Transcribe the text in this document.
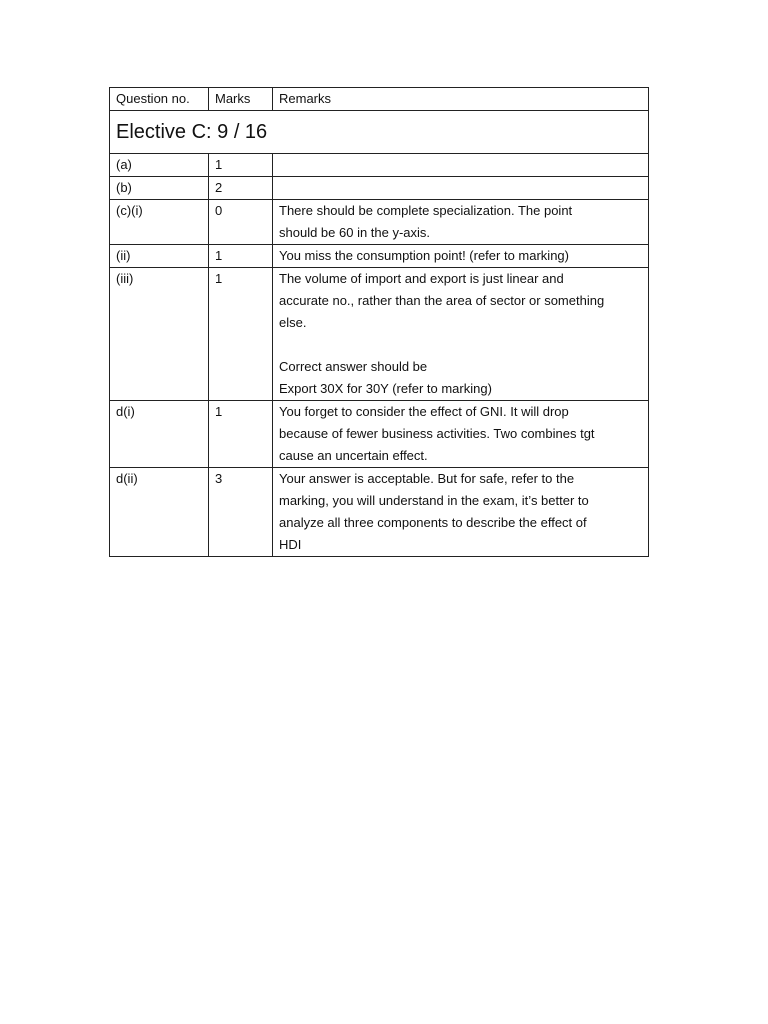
Question no.	Marks	Remarks
Elective C: 9 / 16		
(a)	1	

(b)	2	

(c)(i)	0	There should be complete specialization. The point
should be 60 in the y-axis.

(ii)	1	You miss the consumption point! (refer to marking)

(iii)	1	The volume of import and export is just linear and
accurate no., rather than the area of sector or something
else.
Correct answer should be
Export 30X for 30Y (refer to marking)

d(i)	1	You forget to consider the effect of GNI. It will drop
because of fewer business activities. Two combines tgt
cause an uncertain effect.

d(ii)	3	Your answer is acceptable. But for safe, refer to the
marking, you will understand in the exam, it’s better to
analyze all three components to describe the effect of
HDI
